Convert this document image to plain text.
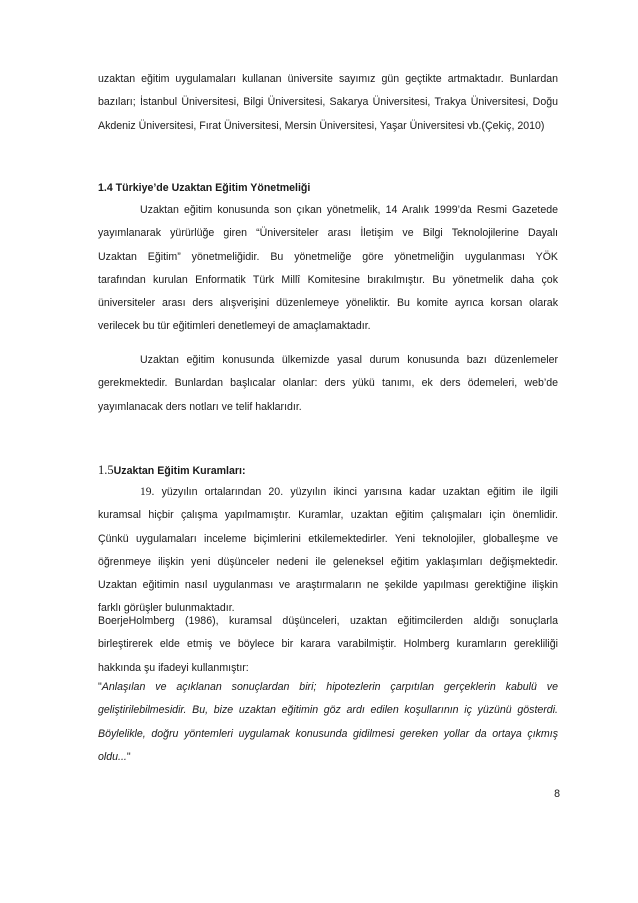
uzaktan eğitim uygulamaları kullanan üniversite sayımız gün geçtikte artmaktadır. Bunlardan
bazıları; İstanbul Üniversitesi, Bilgi Üniversitesi, Sakarya Üniversitesi, Trakya Üniversitesi, Doğu
Akdeniz Üniversitesi, Fırat Üniversitesi, Mersin Üniversitesi, Yaşar Üniversitesi vb.(Çekiç, 2010)
1.4 Türkiye’de Uzaktan Eğitim Yönetmeliği
Uzaktan eğitim konusunda son çıkan yönetmelik, 14 Aralık 1999’da Resmi Gazetede
yayımlanarak yürürlüğe giren “Üniversiteler arası İletişim ve Bilgi Teknolojilerine Dayalı
Uzaktan Eğitim” yönetmeliğidir. Bu yönetmeliğe göre yönetmeliğin uygulanması YÖK
tarafından kurulan Enformatik Türk Millî Komitesine bırakılmıştır. Bu yönetmelik daha çok
üniversiteler arası ders alışverişini düzenlemeye yöneliktir. Bu komite ayrıca korsan olarak
verilecek bu tür eğitimleri denetlemeyi de amaçlamaktadır.
Uzaktan eğitim konusunda ülkemizde yasal durum konusunda bazı düzenlemeler
gerekmektedir. Bunlardan başlıcalar olanlar: ders yükü tanımı, ek ders ödemeleri, web’de
yayımlanacak ders notları ve telif haklarıdır.
1.5Uzaktan Eğitim Kuramları:
19. yüzyılın ortalarından 20. yüzyılın ikinci yarısına kadar uzaktan eğitim ile ilgili
kuramsal hiçbir çalışma yapılmamıştır. Kuramlar, uzaktan eğitim çalışmaları için önemlidir.
Çünkü uygulamaları inceleme biçimlerini etkilemektedirler. Yeni teknolojiler, globalleşme ve
öğrenmeye ilişkin yeni düşünceler nedeni ile geleneksel eğitim yaklaşımları değişmektedir.
Uzaktan eğitimin nasıl uygulanması ve araştırmaların ne şekilde yapılması gerektiğine ilişkin
farklı görüşler bulunmaktadır.
BoerjeHolmberg (1986), kuramsal düşünceleri, uzaktan eğitimcilerden aldığı sonuçlarla
birleştirerek elde etmiş ve böylece bir karara varabilmiştir. Holmberg kuramların gerekliliği
hakkında şu ifadeyi kullanmıştır:
"Anlaşılan ve açıklanan sonuçlardan biri; hipotezlerin çarpıtılan gerçeklerin kabulü ve
geliştirilebilmesidir. Bu, bize uzaktan eğitimin göz ardı edilen koşullarının iç yüzünü gösterdi.
Böylelikle, doğru yöntemleri uygulamak konusunda gidilmesi gereken yollar da ortaya çıkmış
oldu..."
8
